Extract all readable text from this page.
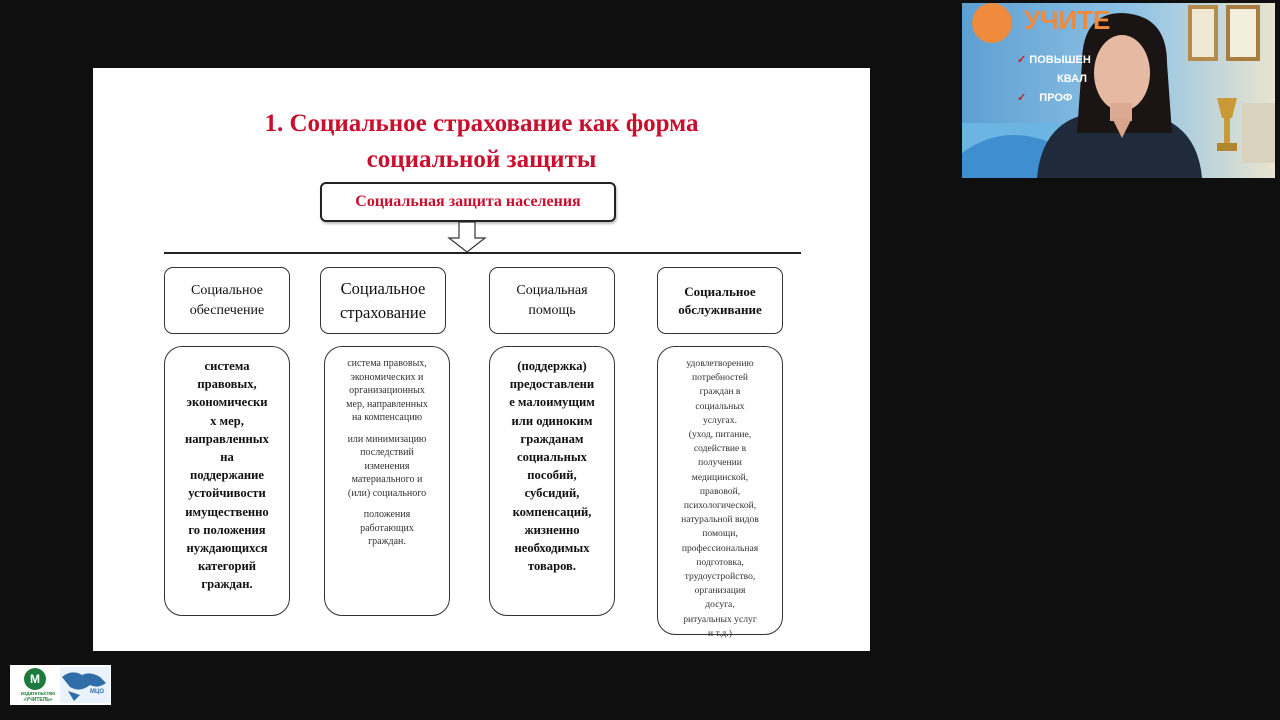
1. Социальное страхование как форма
социальной защиты
Социальная защита населения
Социальное
обеспечение
Социальное
страхование
Социальная
помощь
Социальное
обслуживание
система
правовых,
экономически
х мер,
направленных
на
поддержание
устойчивости
имущественно
го положения
нуждающихся
категорий
граждан.
система правовых,
экономических и
организационных
мер, направленных
на компенсацию
или минимизацию
последствий
изменения
материального и
(или) социального
положения
работающих
граждан.
(поддержка)
предоставлени
е малоимущим
или одиноким
гражданам
социальных
пособий,
субсидий,
компенсаций,
жизненно
необходимых
товаров.
удовлетворению
потребностей
граждан в
социальных
услугах.
(уход, питание,
содействие в
получении
медицинской,
правовой,
психологической,
натуральной видов
помощи,
профессиональная
подготовка,
трудоустройство,
организация
досуга,
ритуальных услуг
и т.д.)
УЧИТЕ
✓ ПОВЫШЕН
КВАЛ
✓ ПРОФ
M
издательство
«УЧИТЕЛЬ»
МЦО
